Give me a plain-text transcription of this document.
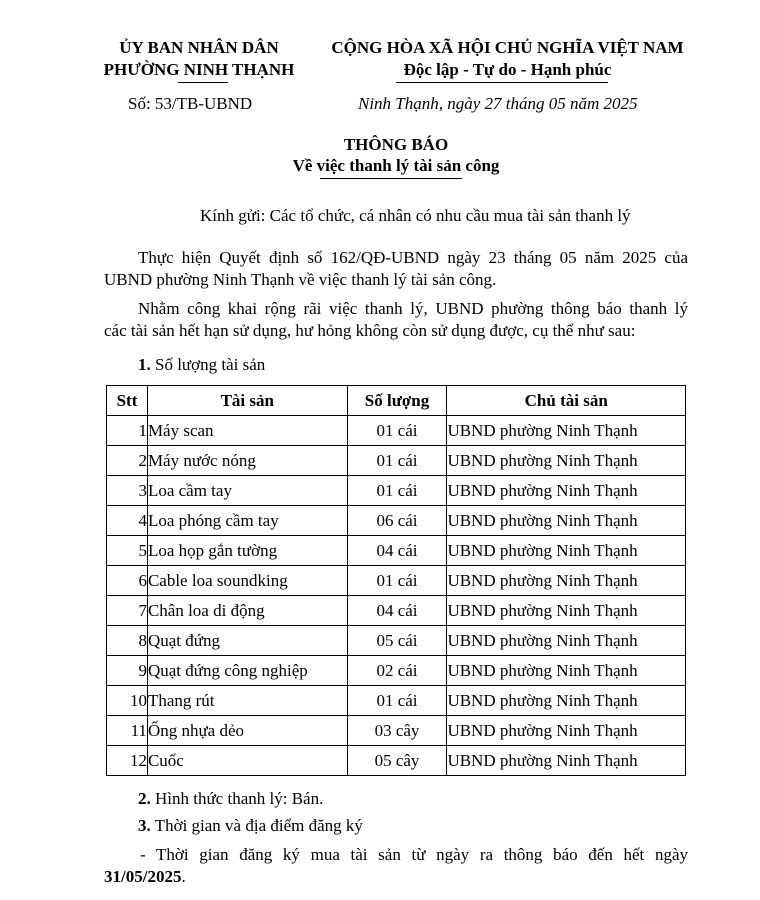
ỦY BAN NHÂN DÂN
PHƯỜNG NINH THẠNH
CỘNG HÒA XÃ HỘI CHỦ NGHĨA VIỆT NAM
Độc lập - Tự do - Hạnh phúc
Số: 53/TB-UBND	Ninh Thạnh, ngày 27 tháng 05 năm 2025
THÔNG BÁO
Về việc thanh lý tài sản công
Kính gửi: Các tổ chức, cá nhân có nhu cầu mua tài sản thanh lý
Thực hiện Quyết định số 162/QĐ-UBND ngày 23 tháng 05 năm 2025 của
UBND phường Ninh Thạnh về việc thanh lý tài sản công.
Nhằm công khai rộng rãi việc thanh lý, UBND phường thông báo thanh lý
các tài sản hết hạn sử dụng, hư hỏng không còn sử dụng được, cụ thể như sau:
1. Số lượng tài sản
Stt	Tài sản	Số lượng	Chủ tài sản
1	Máy scan	01 cái	UBND phường Ninh Thạnh
2	Máy nước nóng	01 cái	UBND phường Ninh Thạnh
3	Loa cầm tay	01 cái	UBND phường Ninh Thạnh
4	Loa phóng cầm tay	06 cái	UBND phường Ninh Thạnh
5	Loa họp gắn tường	04 cái	UBND phường Ninh Thạnh
6	Cable loa soundking	01 cái	UBND phường Ninh Thạnh
7	Chân loa di động	04 cái	UBND phường Ninh Thạnh
8	Quạt đứng	05 cái	UBND phường Ninh Thạnh
9	Quạt đứng công nghiệp	02 cái	UBND phường Ninh Thạnh
10	Thang rút	01 cái	UBND phường Ninh Thạnh
11	Ống nhựa dẻo	03 cây	UBND phường Ninh Thạnh
12	Cuốc	05 cây	UBND phường Ninh Thạnh
2. Hình thức thanh lý: Bán.
3. Thời gian và địa điểm đăng ký
- Thời gian đăng ký mua tài sản từ ngày ra thông báo đến hết ngày
31/05/2025.
